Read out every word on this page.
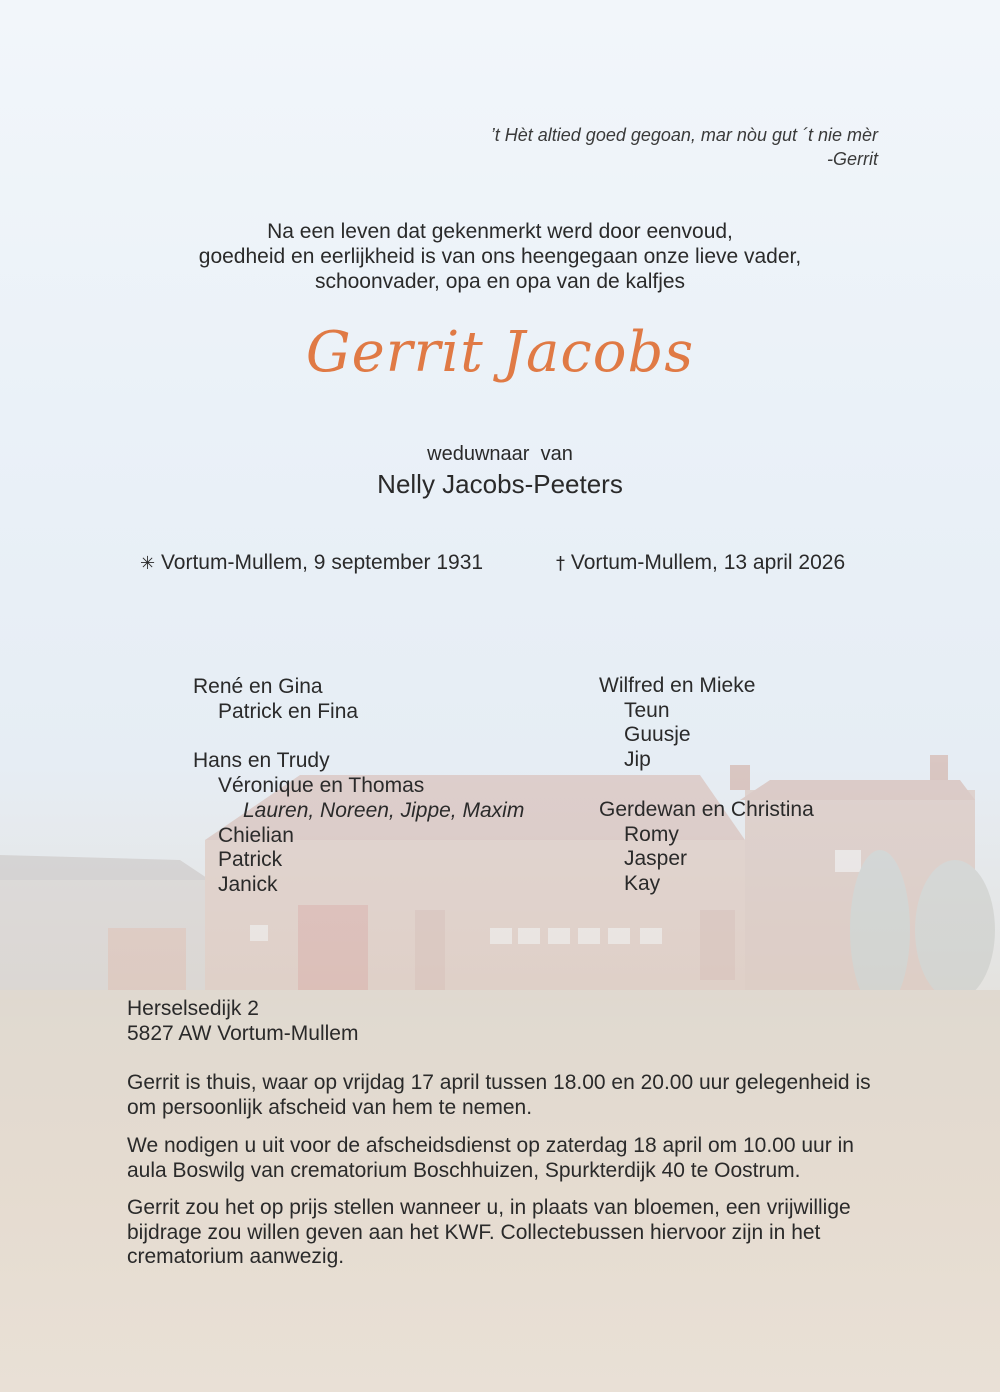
’t Hèt altied goed gegoan, mar nòu gut ´t nie mèr
-Gerrit
Na een leven dat gekenmerkt werd door eenvoud,
goedheid en eerlijkheid is van ons heengegaan onze lieve vader,
schoonvader, opa en opa van de kalfjes
Gerrit Jacobs
weduwnaar  van
Nelly Jacobs-Peeters
✳ Vortum-Mullem, 9 september 1931	† Vortum-Mullem, 13 april 2026
René en Gina
Patrick en Fina
Hans en Trudy
Véronique en Thomas
Lauren, Noreen, Jippe, Maxim
Chielian
Patrick
Janick
Wilfred en Mieke
Teun
Guusje
Jip
Gerdewan en Christina
Romy
Jasper
Kay
Herselsedijk 2
5827 AW Vortum-Mullem
Gerrit is thuis, waar op vrijdag 17 april tussen 18.00 en 20.00 uur gelegenheid is om persoonlijk afscheid van hem te nemen.
We nodigen u uit voor de afscheidsdienst op zaterdag 18 april om 10.00 uur in aula Boswilg van crematorium Boschhuizen, Spurkterdijk 40 te Oostrum.
Gerrit zou het op prijs stellen wanneer u, in plaats van bloemen, een vrijwillige bijdrage zou willen geven aan het KWF. Collectebussen hiervoor zijn in het crematorium aanwezig.
